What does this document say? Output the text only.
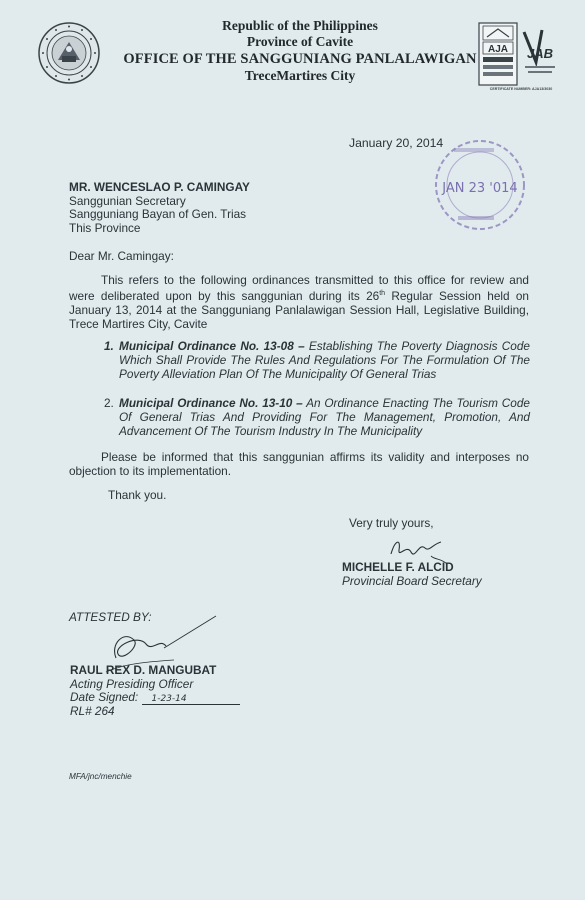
Republic of the Philippines
Province of Cavite
OFFICE OF THE SANGGUNIANG PANLALAWIGAN
TreceMartires City
AJA JAB
CERTIFICATE NUMBER: AJA13/3030
January 20, 2014
JAN 23 '014
MR. WENCESLAO P. CAMINGAY
Sanggunian Secretary
Sangguniang Bayan of Gen. Trias
This Province
Dear Mr. Camingay:

This refers to the following ordinances transmitted to this office for review and were deliberated upon by this sanggunian during its 26th Regular Session held on January 13, 2014 at the Sangguniang Panlalawigan Session Hall, Legislative Building, Trece Martires City, Cavite

1. Municipal Ordinance No. 13-08 – Establishing The Poverty Diagnosis Code Which Shall Provide The Rules And Regulations For The Formulation Of The Poverty Alleviation Plan Of The Municipality Of General Trias
2. Municipal Ordinance No. 13-10 – An Ordinance Enacting The Tourism Code Of General Trias And Providing For The Management, Promotion, And Advancement Of The Tourism Industry In The Municipality

Please be informed that this sanggunian affirms its validity and interposes no objection to its implementation.

Thank you.
Very truly yours,
MICHELLE F. ALCID
Provincial Board Secretary
ATTESTED BY:
RAUL REX D. MANGUBAT
Acting Presiding Officer
Date Signed: 1-23-14
RL# 264
MFA/jnc/menchie
